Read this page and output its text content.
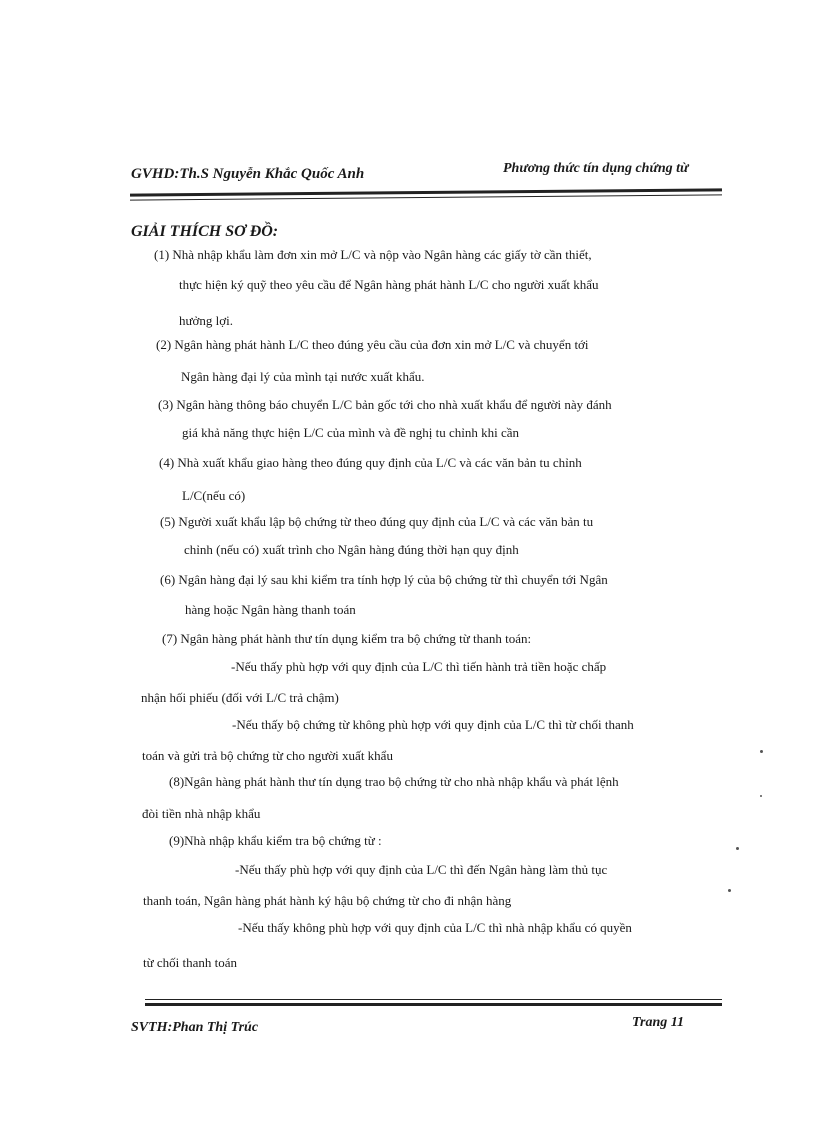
GVHD:Th.S Nguyễn Khắc Quốc Anh	Phương thức tín dụng chứng từ
GIẢI THÍCH SƠ ĐỒ:
(1) Nhà nhập khẩu làm đơn xin mở L/C và nộp vào Ngân hàng các giấy tờ cần thiết,
thực hiện ký quỹ theo yêu cầu để Ngân hàng phát hành L/C cho người xuất khẩu
hưởng lợi.
(2) Ngân hàng phát hành L/C theo đúng yêu cầu của đơn xin mở L/C và chuyển tới
Ngân hàng đại lý của mình tại nước xuất khẩu.
(3) Ngân hàng thông báo chuyển L/C bản gốc tới cho nhà xuất khẩu để người này đánh
giá khả năng thực hiện L/C của mình và đề nghị tu chỉnh khi cần
(4) Nhà xuất khẩu giao hàng theo đúng quy định của L/C và các văn bản tu chỉnh
L/C(nếu có)
(5) Người xuất khẩu lập bộ chứng từ theo đúng quy định của L/C và các văn bản tu
chỉnh (nếu có) xuất trình cho Ngân hàng đúng thời hạn quy định
(6) Ngân hàng đại lý sau khi kiểm tra tính hợp lý của bộ chứng từ thì chuyển tới Ngân
hàng hoặc Ngân hàng thanh toán
(7) Ngân hàng phát hành thư tín dụng kiểm tra bộ chứng từ thanh toán:
-Nếu thấy phù hợp với quy định của L/C thì tiến hành trả tiền hoặc chấp
nhận hối phiếu (đối với L/C trả chậm)
-Nếu thấy bộ chứng từ không phù hợp với quy định của L/C thì từ chối thanh
toán và gửi trả bộ chứng từ cho người xuất khẩu
(8)Ngân hàng phát hành thư tín dụng trao bộ chứng từ cho nhà nhập khẩu và phát lệnh
đòi tiền nhà nhập khẩu
(9)Nhà nhập khẩu kiểm tra bộ chứng từ :
-Nếu thấy phù hợp với quy định của L/C thì đến Ngân hàng làm thủ tục
thanh toán, Ngân hàng phát hành ký hậu bộ chứng từ cho đi nhận hàng
-Nếu thấy không phù hợp với quy định của L/C thì nhà nhập khẩu có quyền
từ chối thanh toán
SVTH:Phan Thị Trúc	Trang 11
